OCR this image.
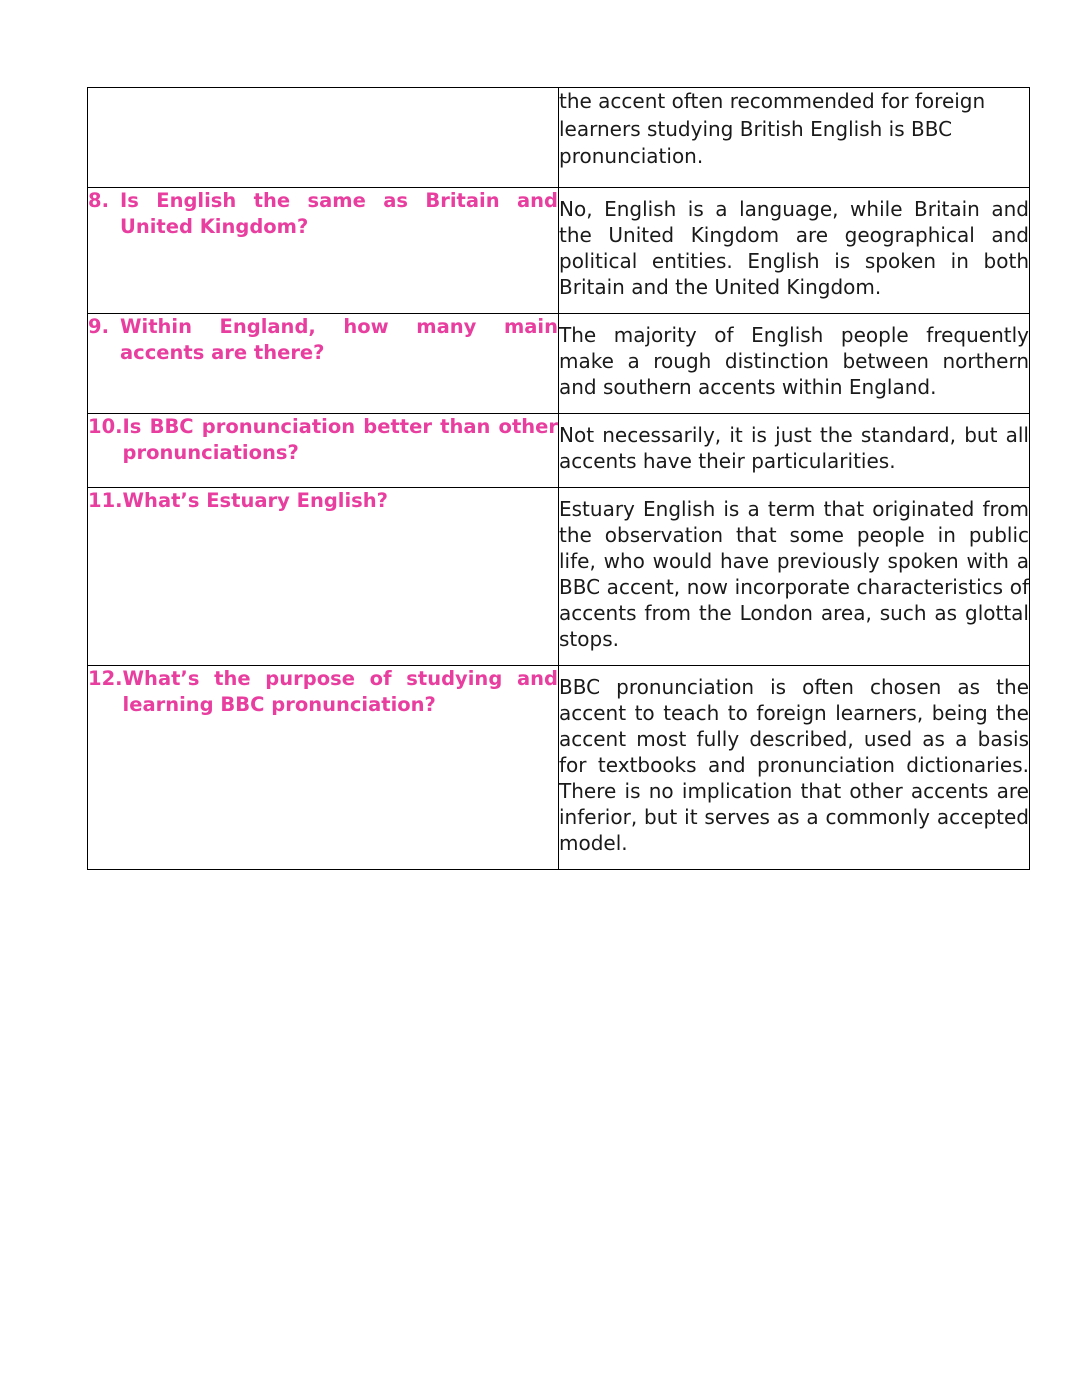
	the accent often recommended for foreign learners studying British English is BBC pronunciation.

8. Is English the same as Britain and United Kingdom?	No, English is a language, while Britain and the United Kingdom are geographical and political entities. English is spoken in both Britain and the United Kingdom.

9. Within England, how many main accents are there?	The majority of English people frequently make a rough distinction between northern and southern accents within England.

10. Is BBC pronunciation better than other pronunciations?	Not necessarily, it is just the standard, but all accents have their particularities.

11. What’s Estuary English?	Estuary English is a term that originated from the observation that some people in public life, who would have previously spoken with a BBC accent, now incorporate characteristics of accents from the London area, such as glottal stops.

12. What’s the purpose of studying and learning BBC pronunciation?	BBC pronunciation is often chosen as the accent to teach to foreign learners, being the accent most fully described, used as a basis for textbooks and pronunciation dictionaries. There is no implication that other accents are inferior, but it serves as a commonly accepted model.
